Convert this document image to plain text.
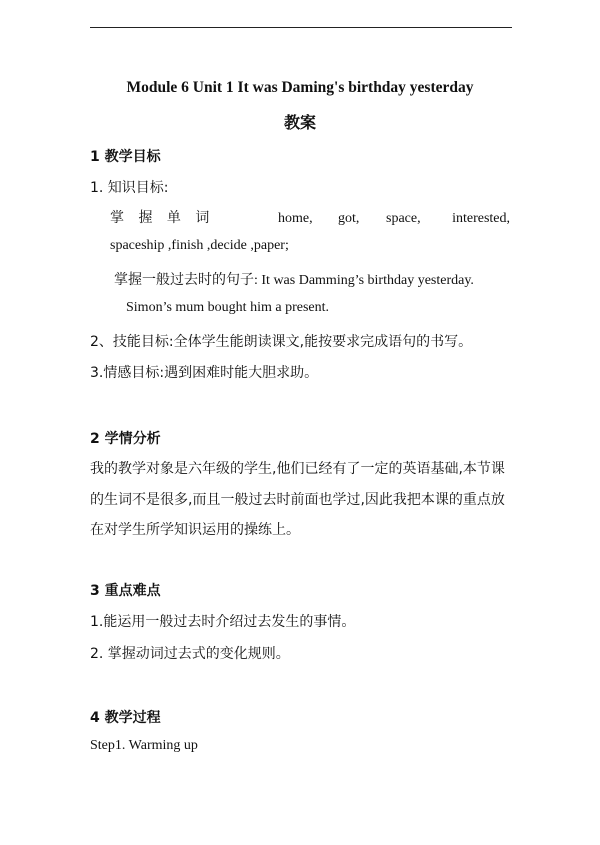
Module 6 Unit 1 It was Daming's birthday yesterday
教案
1 教学目标
1. 知识目标:
掌 握 单 词	home,	got,	space,	interested,
spaceship ,finish ,decide ,paper;
掌握一般过去时的句子: It was Damming’s birthday yesterday.
Simon’s mum bought him a present.
2、技能目标:全体学生能朗读课文,能按要求完成语句的书写。
3.情感目标:遇到困难时能大胆求助。
2 学情分析
我的教学对象是六年级的学生,他们已经有了一定的英语基础,本节课
的生词不是很多,而且一般过去时前面也学过,因此我把本课的重点放
在对学生所学知识运用的操练上。
3 重点难点
1.能运用一般过去时介绍过去发生的事情。
2. 掌握动词过去式的变化规则。
4 教学过程
Step1. Warming up
